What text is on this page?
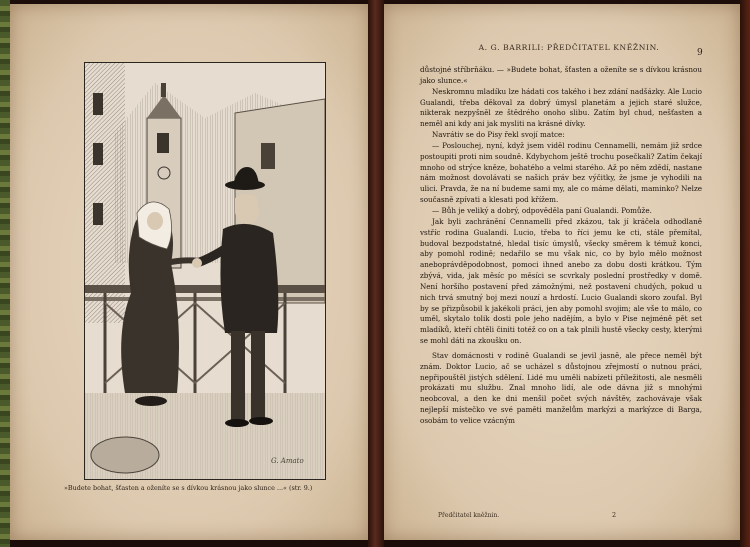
G. Amato
»Budete bohat, šťasten a oženíte se s dívkou krásnou jako slunce ...« (str. 9.)
A. G. BARRILI: PŘEDČITATEL KNĚŽNIN.
9

důstojné stříbrňáku. — »Budete bohat, šťasten a oženíte se s dívkou krásnou jako slunce.«

Neskromnu mladíku lze hádati cos takého i bez zdání nadšázky. Ale Lucio Gualandi, třeba děkoval za dobrý úmysl planetám a jejich staré služce, nikterak nezpyšněl ze štědrého onoho slibu. Zatím byl chud, nešťasten a neměl ani kdy ani jak mysliti na krásné dívky.

Navrátiv se do Pisy řekl svojí matce:

— Poslouchej, nyní, když jsem viděl rodinu Cennamelli, nemám již srdce postoupiti proti nim soudně. Kdybychom ještě trochu posečkali? Zatím čekají mnoho od strýce kněze, bohatého a velmi starého. Až po něm zdědí, nastane nám možnost dovolávati se našich práv bez výčitky, že jsme je vyhodili na ulici. Pravda, že na ní budeme sami my, ale co máme dělati, maminko? Nelze současně zpívati a klesati pod křížem.

— Bůh je veliký a dobrý, odpověděla paní Gualandi. Pomůže.

Jak byli zachránění Cennamelli před zkázou, tak jí kráčela odhodlaně vstříc rodina Gualandi. Lucio, třeba to říci jemu ke cti, stále přemítal, budoval bezpodstatné, hledal tisíc úmyslů, všecky směrem k témuž konci, aby pomohl rodině; nedařilo se mu však nic, co by bylo mělo možnost aneboprávděpodobnost, pomoci ihned anebo za dobu dosti krátkou. Tým zbývá, vida, jak měsíc po měsíci se scvrkaly poslední prostředky v domě. Není horšího postavení před zámožnými, než postavení chudých, pokud u nich trvá smutný boj mezi nouzí a hrdostí. Lucio Gualandi skoro zoufal. Byl by se přizpůsobil k jakékoli práci, jen aby pomohl svojim; ale vše to málo, co uměl, skytalo tolik dosti pole jeho nadějím, a bylo v Pise nejméně pět set mladíků, kteří chtěli činiti totéž co on a tak plnili hustě všecky cesty, kterými se mohl dáti na zkoušku on.

Stav domácnosti v rodině Gualandi se jevil jasně, ale přece neměl být znám. Doktor Lucio, ač se ucházel s důstojnou zřejmostí o nutnou práci, nepřipouštěl jistých sdělení. Lidé mu uměli nabízeti příležitosti, ale nesměli prokázati mu službu. Znal mnoho lidí, ale ode dávna již s mnohými neobcoval, a den ke dni menšil počet svých návštěv, zachovávaje však nejlepší místečko ve své paměti manželům markýzi a markýzce di Barga, osobám to velice vzácným

Předčitatel kněžnin.	2
